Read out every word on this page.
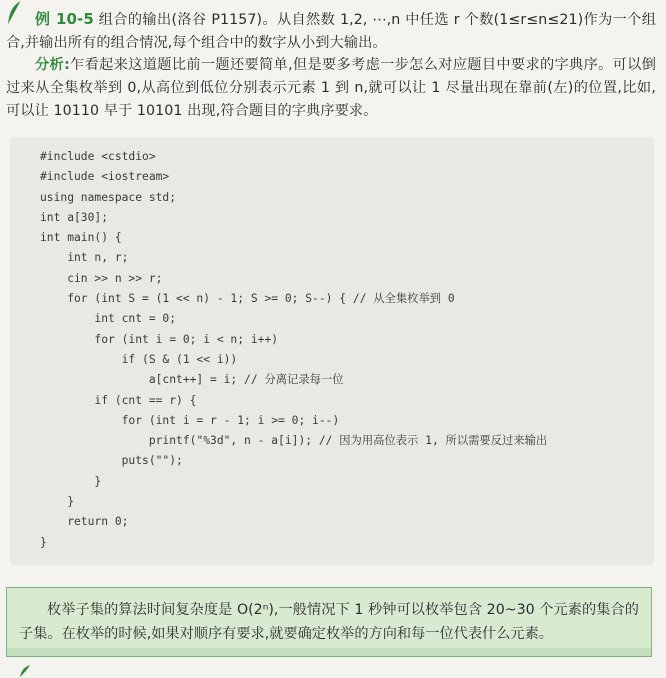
例 10-5 组合的输出(洛谷 P1157)。从自然数 1,2, ⋯,n 中任选 r 个数(1≤r≤n≤21)作为一个组合,并输出所有的组合情况,每个组合中的数字从小到大输出。
分析:乍看起来这道题比前一题还要简单,但是要多考虑一步怎么对应题目中要求的字典序。可以倒过来从全集枚举到 0,从高位到低位分别表示元素 1 到 n,就可以让 1 尽量出现在靠前(左)的位置,比如,可以让 10110 早于 10101 出现,符合题目的字典序要求。
#include <cstdio>
#include <iostream>
using namespace std;
int a[30];
int main() {
int n, r;
cin >> n >> r;
for (int S = (1 << n) - 1; S >= 0; S--) { // 从全集枚举到 0
int cnt = 0;
for (int i = 0; i < n; i++)
if (S & (1 << i))
a[cnt++] = i; // 分离记录每一位
if (cnt == r) {
for (int i = r - 1; i >= 0; i--)
printf("%3d", n - a[i]); // 因为用高位表示 1, 所以需要反过来输出
puts("");
}
}
return 0;
}
枚举子集的算法时间复杂度是 O(2ⁿ),一般情况下 1 秒钟可以枚举包含 20~30 个元素的集合的子集。在枚举的时候,如果对顺序有要求,就要确定枚举的方向和每一位代表什么元素。
